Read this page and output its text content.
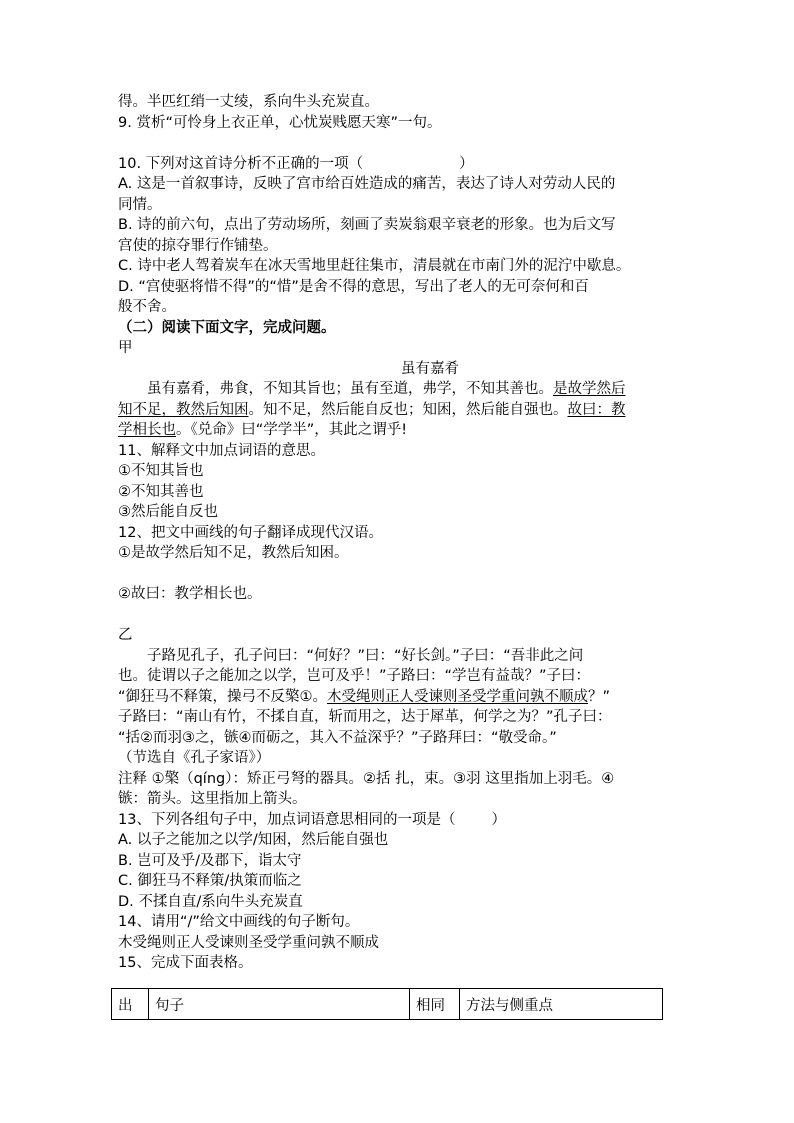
得。半匹红绡一丈绫，系向牛头充炭直。
9. 赏析“可怜身上衣正单，心忧炭贱愿天寒”一句。
10. 下列对这首诗分析不正确的一项（	）
A. 这是一首叙事诗，反映了宫市给百姓造成的痛苦，表达了诗人对劳动人民的
同情。
B. 诗的前六句，点出了劳动场所，刻画了卖炭翁艰辛衰老的形象。也为后文写
宫使的掠夺罪行作铺垫。
C. 诗中老人驾着炭车在冰天雪地里赶往集市，清晨就在市南门外的泥泞中歇息。
D. “宫使驱将惜不得”的“惜”是舍不得的意思，写出了老人的无可奈何和百
般不舍。
（二）阅读下面文字，完成问题。
甲
虽有嘉肴
虽有嘉肴，弗食，不知其旨也；虽有至道，弗学，不知其善也。是故学然后
知不足，教然后知困。知不足，然后能自反也；知困，然后能自强也。故曰：教
学相长也。《兑命》曰“学学半”，其此之谓乎!
11、解释文中加点词语的意思。
①不知其旨也
②不知其善也
③然后能自反也
12、把文中画线的句子翻译成现代汉语。
①是故学然后知不足，教然后知困。
②故曰：教学相长也。
乙
子路见孔子，孔子问曰：“何好？”曰：“好长剑。”子曰：“吾非此之问
也。徒谓以子之能加之以学，岂可及乎！”子路曰：“学岂有益哉？”子曰：
“御狂马不释策，操弓不反檠①。木受绳则正人受谏则圣受学重问孰不顺成？”
子路曰：“南山有竹，不揉自直，斩而用之，达于犀革，何学之为？”孔子曰：
“括②而羽③之，镞④而砺之，其入不益深乎？”子路拜曰：“敬受命。”
（节选自《孔子家语》）
注释 ①檠（qíng）：矫正弓弩的器具。②括 扎，束。③羽 这里指加上羽毛。④
镞：箭头。这里指加上箭头。
13、下列各组句子中，加点词语意思相同的一项是（ ）
A. 以子之能加之以学/知困，然后能自强也
B. 岂可及乎/及郡下，诣太守
C. 御狂马不释策/执策而临之
D. 不揉自直/系向牛头充炭直
14、请用“/”给文中画线的句子断句。
木受绳则正人受谏则圣受学重问孰不顺成
15、完成下面表格。
出	句子	相同	方法与侧重点
